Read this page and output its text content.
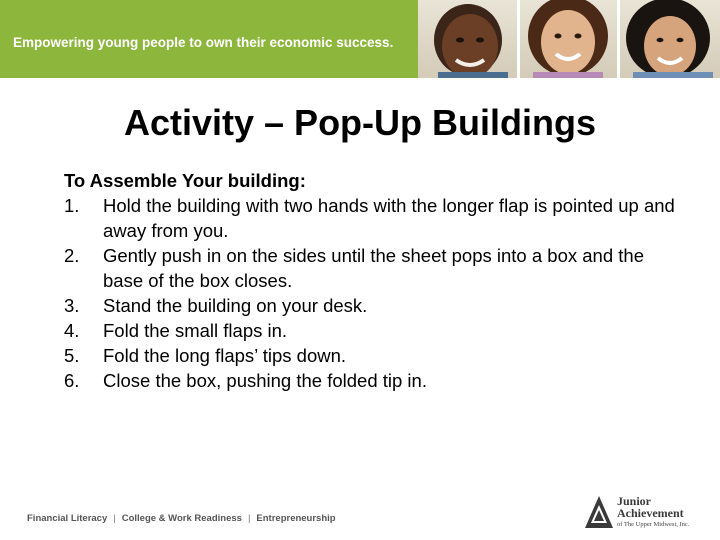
Empowering young people to own their economic success.
Activity – Pop-Up Buildings
To Assemble Your building:
1.	Hold the building with two hands with the longer flap is pointed up and away from you.
2.	Gently push in on the sides until the sheet pops into a box and the base of the box closes.
3.	Stand the building on your desk.
4.	Fold the small flaps in.
5.	Fold the long flaps’ tips down.
6.	Close the box, pushing the folded tip in.
Financial Literacy | College & Work Readiness | Entrepreneurship
Junior
Achievement
of The Upper Midwest, Inc.
